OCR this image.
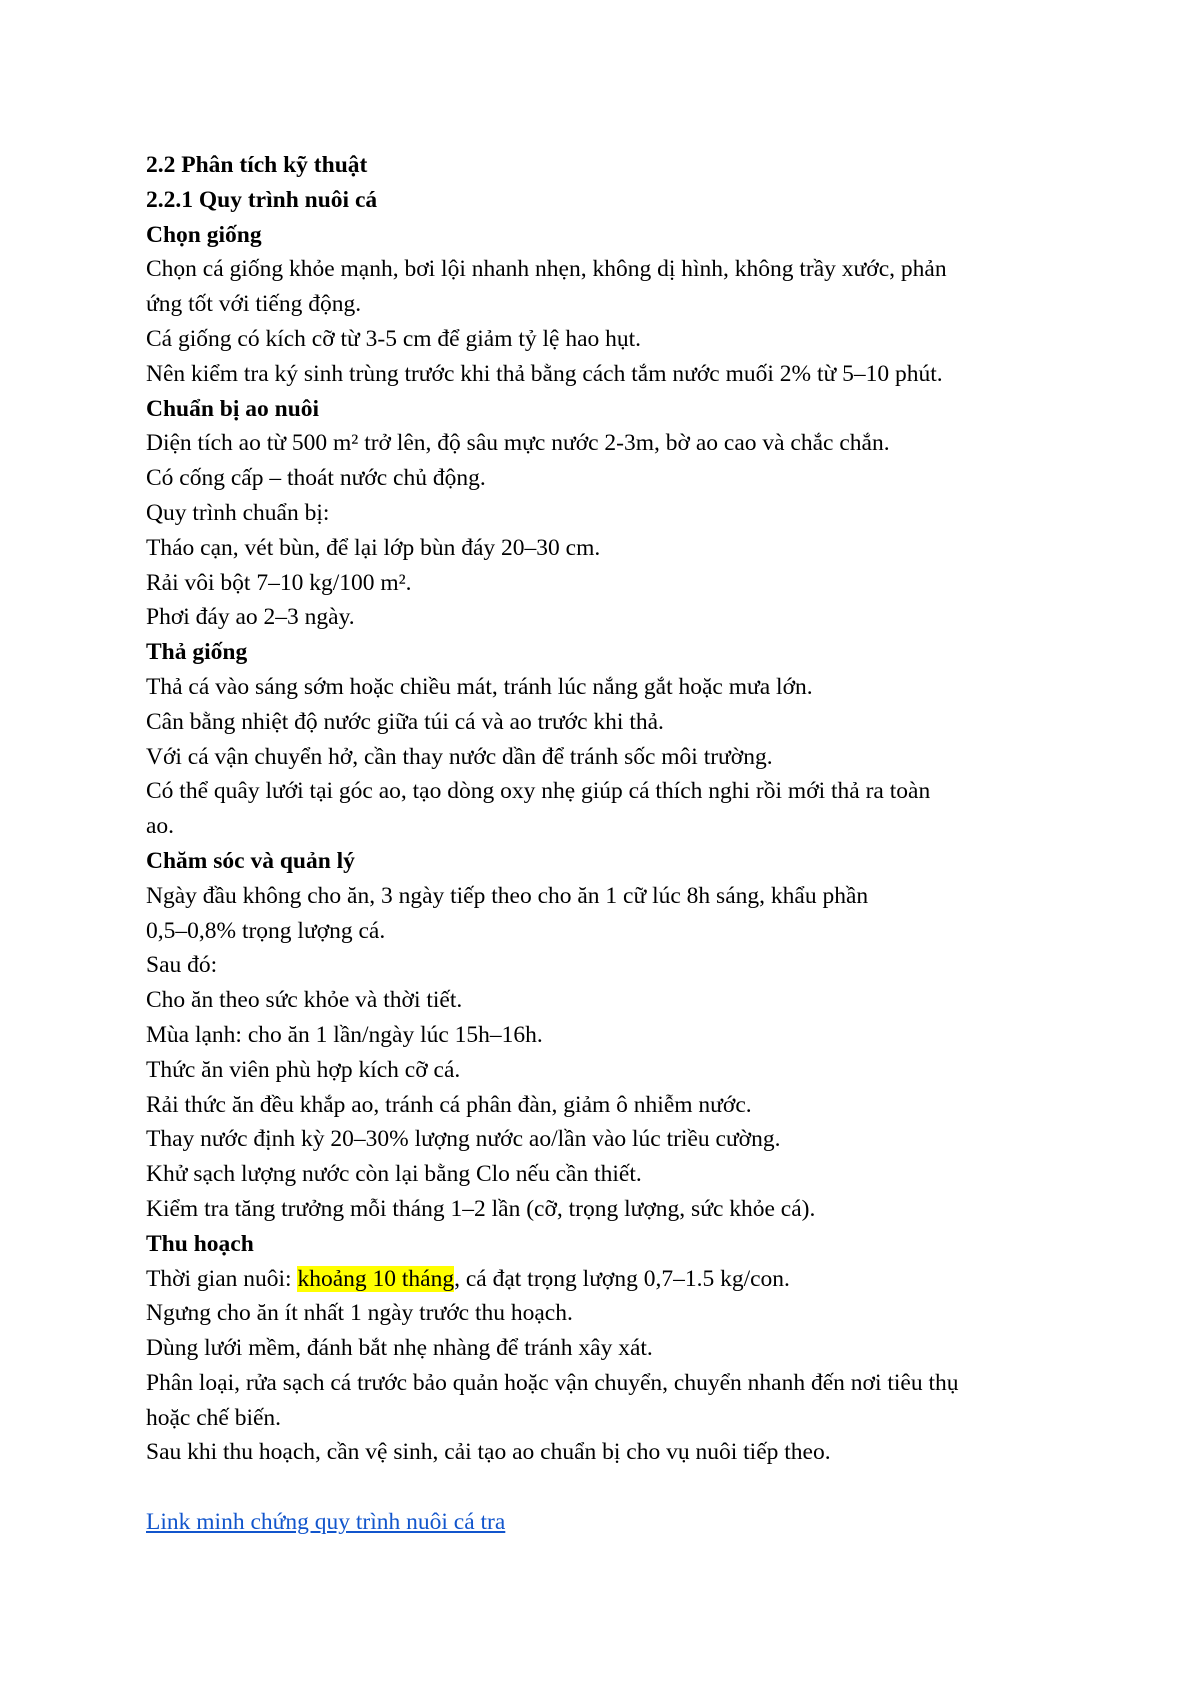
2.2 Phân tích kỹ thuật

2.2.1 Quy trình nuôi cá

Chọn giống

Chọn cá giống khỏe mạnh, bơi lội nhanh nhẹn, không dị hình, không trầy xước, phản

ứng tốt với tiếng động.

Cá giống có kích cỡ từ 3-5 cm để giảm tỷ lệ hao hụt.

Nên kiểm tra ký sinh trùng trước khi thả bằng cách tắm nước muối 2% từ 5–10 phút.

Chuẩn bị ao nuôi

Diện tích ao từ 500 m² trở lên, độ sâu mực nước 2-3m, bờ ao cao và chắc chắn.

Có cống cấp – thoát nước chủ động.

Quy trình chuẩn bị:

Tháo cạn, vét bùn, để lại lớp bùn đáy 20–30 cm.

Rải vôi bột 7–10 kg/100 m².

Phơi đáy ao 2–3 ngày.

Thả giống

Thả cá vào sáng sớm hoặc chiều mát, tránh lúc nắng gắt hoặc mưa lớn.

Cân bằng nhiệt độ nước giữa túi cá và ao trước khi thả.

Với cá vận chuyển hở, cần thay nước dần để tránh sốc môi trường.

Có thể quây lưới tại góc ao, tạo dòng oxy nhẹ giúp cá thích nghi rồi mới thả ra toàn

ao.

Chăm sóc và quản lý

Ngày đầu không cho ăn, 3 ngày tiếp theo cho ăn 1 cữ lúc 8h sáng, khẩu phần

0,5–0,8% trọng lượng cá.

Sau đó:

Cho ăn theo sức khỏe và thời tiết.

Mùa lạnh: cho ăn 1 lần/ngày lúc 15h–16h.

Thức ăn viên phù hợp kích cỡ cá.

Rải thức ăn đều khắp ao, tránh cá phân đàn, giảm ô nhiễm nước.

Thay nước định kỳ 20–30% lượng nước ao/lần vào lúc triều cường.

Khử sạch lượng nước còn lại bằng Clo nếu cần thiết.

Kiểm tra tăng trưởng mỗi tháng 1–2 lần (cỡ, trọng lượng, sức khỏe cá).

Thu hoạch

Thời gian nuôi: khoảng 10 tháng, cá đạt trọng lượng 0,7–1.5 kg/con.

Ngưng cho ăn ít nhất 1 ngày trước thu hoạch.

Dùng lưới mềm, đánh bắt nhẹ nhàng để tránh xây xát.

Phân loại, rửa sạch cá trước bảo quản hoặc vận chuyển, chuyển nhanh đến nơi tiêu thụ

hoặc chế biến.

Sau khi thu hoạch, cần vệ sinh, cải tạo ao chuẩn bị cho vụ nuôi tiếp theo.

Link minh chứng quy trình nuôi cá tra
